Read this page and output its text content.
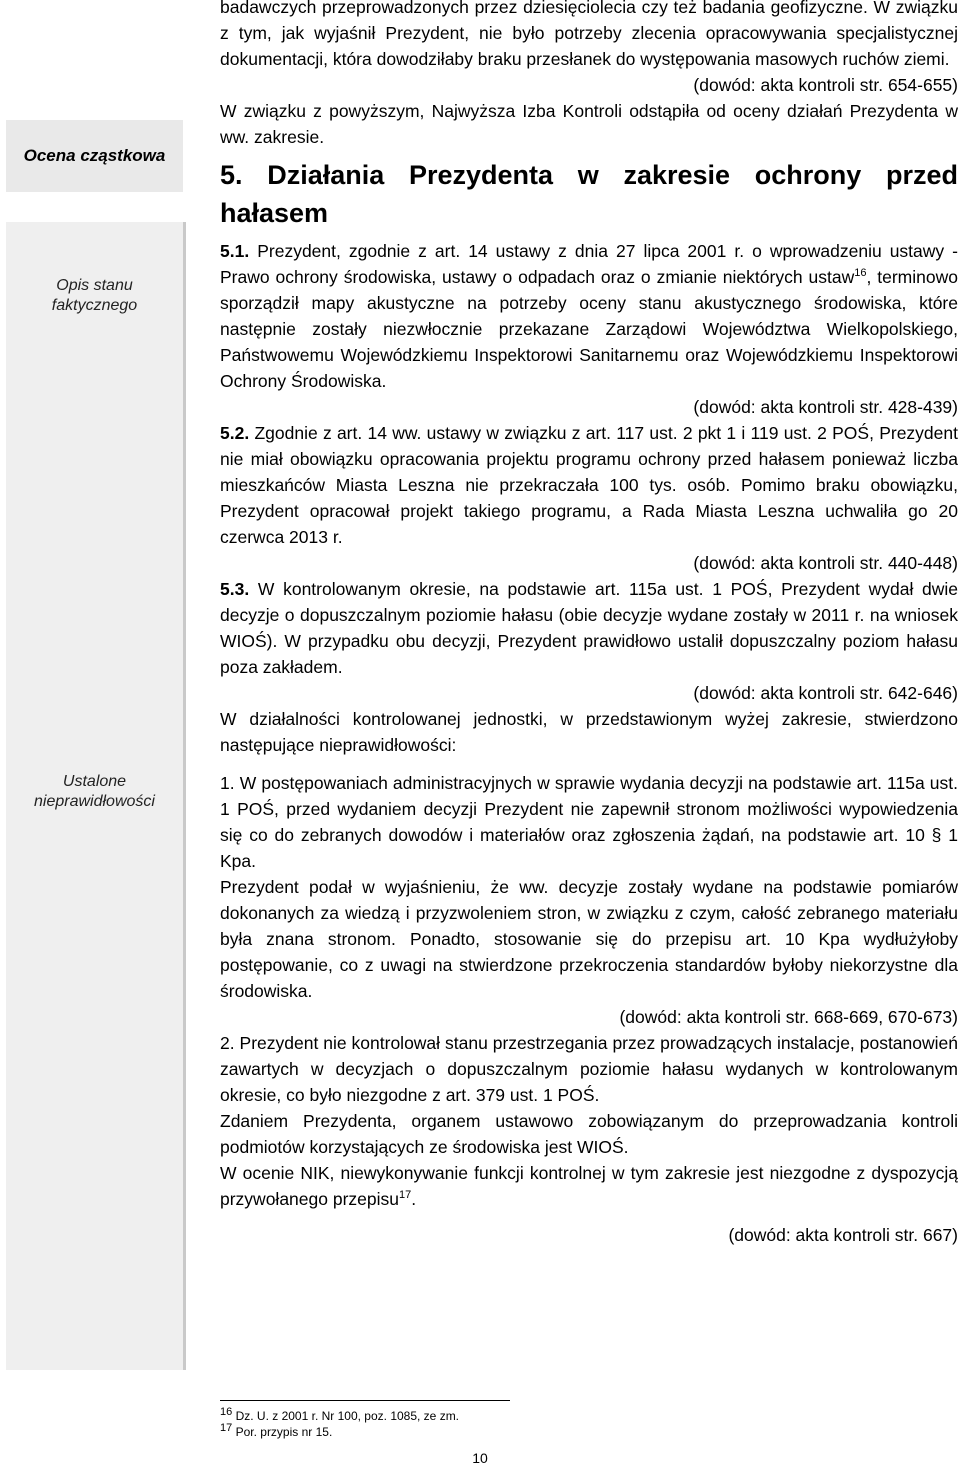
Ocena cząstkowa
Opis stanu
faktycznego
Ustalone
nieprawidłowości

badawczych przeprowadzonych przez dziesięciolecia czy też badania geofizyczne. W związku z tym, jak wyjaśnił Prezydent, nie było potrzeby zlecenia opracowywania specjalistycznej dokumentacji, która dowodziłaby braku przesłanek do występowania masowych ruchów ziemi.

(dowód: akta kontroli str. 654-655)

W związku z powyższym, Najwyższa Izba Kontroli odstąpiła od oceny działań Prezydenta w ww. zakresie.

5. Działania Prezydenta w zakresie ochrony przed hałasem

5.1. Prezydent, zgodnie z art. 14 ustawy z dnia 27 lipca 2001 r. o wprowadzeniu ustawy - Prawo ochrony środowiska, ustawy o odpadach oraz o zmianie niektórych ustaw$^{16}$, terminowo sporządził mapy akustyczne na potrzeby oceny stanu akustycznego środowiska, które następnie zostały niezwłocznie przekazane Zarządowi Województwa Wielkopolskiego, Państwowemu Wojewódzkiemu Inspektorowi Sanitarnemu oraz Wojewódzkiemu Inspektorowi Ochrony Środowiska.

(dowód: akta kontroli str. 428-439)

5.2. Zgodnie z art. 14 ww. ustawy w związku z art. 117 ust. 2 pkt 1 i 119 ust. 2 POŚ, Prezydent nie miał obowiązku opracowania projektu programu ochrony przed hałasem ponieważ liczba mieszkańców Miasta Leszna nie przekraczała 100 tys. osób. Pomimo braku obowiązku, Prezydent opracował projekt takiego programu, a Rada Miasta Leszna uchwaliła go 20 czerwca 2013 r.

(dowód: akta kontroli str. 440-448)

5.3. W kontrolowanym okresie, na podstawie art. 115a ust. 1 POŚ, Prezydent wydał dwie decyzje o dopuszczalnym poziomie hałasu (obie decyzje wydane zostały w 2011 r. na wniosek WIOŚ). W przypadku obu decyzji, Prezydent prawidłowo ustalił dopuszczalny poziom hałasu poza zakładem.

(dowód: akta kontroli str. 642-646)

W działalności kontrolowanej jednostki, w przedstawionym wyżej zakresie, stwierdzono następujące nieprawidłowości:

1. W postępowaniach administracyjnych w sprawie wydania decyzji na podstawie art. 115a ust. 1 POŚ, przed wydaniem decyzji Prezydent nie zapewnił stronom możliwości wypowiedzenia się co do zebranych dowodów i materiałów oraz zgłoszenia żądań, na podstawie art. 10 § 1 Kpa.

Prezydent podał w wyjaśnieniu, że ww. decyzje zostały wydane na podstawie pomiarów dokonanych za wiedzą i przyzwoleniem stron, w związku z czym, całość zebranego materiału była znana stronom. Ponadto, stosowanie się do przepisu art. 10 Kpa wydłużyłoby postępowanie, co z uwagi na stwierdzone przekroczenia standardów byłoby niekorzystne dla środowiska.

(dowód: akta kontroli str. 668-669, 670-673)

2. Prezydent nie kontrolował stanu przestrzegania przez prowadzących instalacje, postanowień zawartych w decyzjach o dopuszczalnym poziomie hałasu wydanych w kontrolowanym okresie, co było niezgodne z art. 379 ust. 1 POŚ.

Zdaniem Prezydenta, organem ustawowo zobowiązanym do przeprowadzania kontroli podmiotów korzystających ze środowiska jest WIOŚ.

W ocenie NIK, niewykonywanie funkcji kontrolnej w tym zakresie jest niezgodne z dyspozycją przywołanego przepisu$^{17}$.

(dowód: akta kontroli str. 667)

$^{16}$ Dz. U. z 2001 r. Nr 100, poz. 1085, ze zm.
$^{17}$ Por. przypis nr 15.
10
